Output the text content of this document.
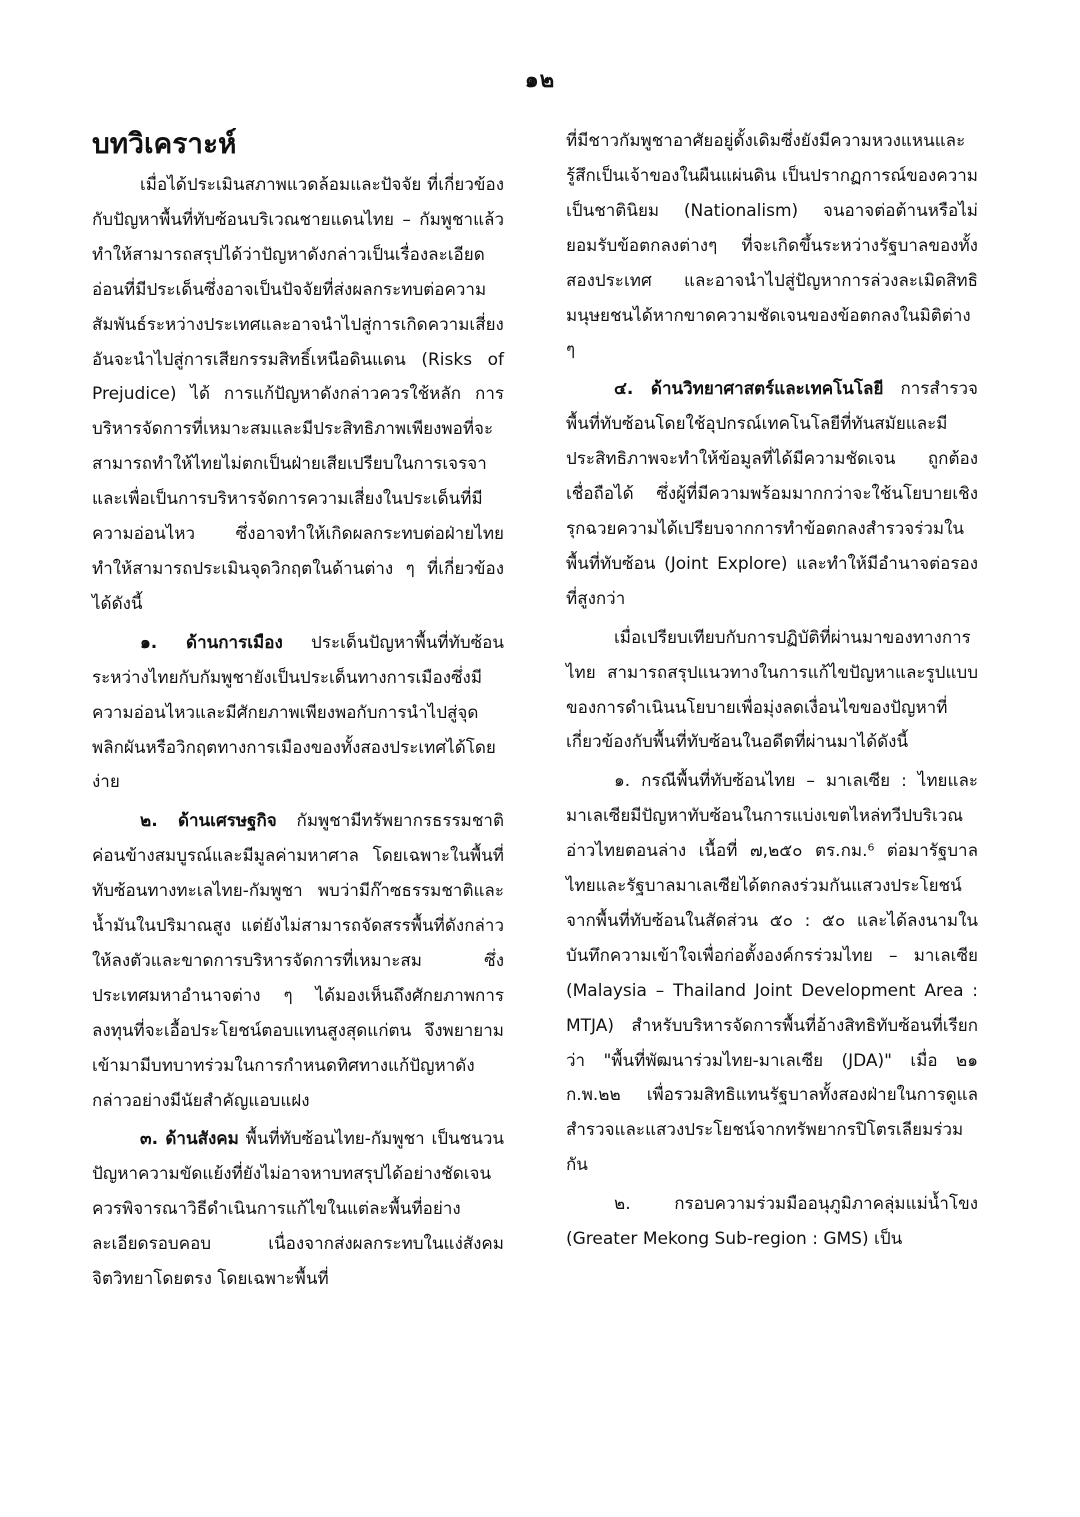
๑๒
บทวิเคราะห์

เมื่อได้ประเมินสภาพแวดล้อมและปัจจัย ที่เกี่ยวข้องกับปัญหาพื้นที่ทับซ้อนบริเวณชายแดนไทย – กัมพูชาแล้ว ทำให้สามารถสรุปได้ว่าปัญหาดังกล่าวเป็นเรื่องละเอียดอ่อนที่มีประเด็นซึ่งอาจเป็นปัจจัยที่ส่งผลกระทบต่อความสัมพันธ์ระหว่างประเทศและอาจนำไปสู่การเกิดความเสี่ยงอันจะนำไปสู่การเสียกรรมสิทธิ์เหนือดินแดน (Risks of Prejudice) ได้ การแก้ปัญหาดังกล่าวควรใช้หลัก การบริหารจัดการที่เหมาะสมและมีประสิทธิภาพเพียงพอที่จะสามารถทำให้ไทยไม่ตกเป็นฝ่ายเสียเปรียบในการเจรจา และเพื่อเป็นการบริหารจัดการความเสี่ยงในประเด็นที่มีความอ่อนไหว ซึ่งอาจทำให้เกิดผลกระทบต่อฝ่ายไทย ทำให้สามารถประเมินจุดวิกฤตในด้านต่าง ๆ ที่เกี่ยวข้องได้ดังนี้

๑. ด้านการเมือง ประเด็นปัญหาพื้นที่ทับซ้อนระหว่างไทยกับกัมพูชายังเป็นประเด็นทางการเมืองซึ่งมีความอ่อนไหวและมีศักยภาพเพียงพอกับการนำไปสู่จุดพลิกผันหรือวิกฤตทางการเมืองของทั้งสองประเทศได้โดยง่าย

๒. ด้านเศรษฐกิจ กัมพูชามีทรัพยากรธรรมชาติค่อนข้างสมบูรณ์และมีมูลค่ามหาศาล โดยเฉพาะในพื้นที่ทับซ้อนทางทะเลไทย-กัมพูชา พบว่ามีก๊าซธรรมชาติและน้ำมันในปริมาณสูง แต่ยังไม่สามารถจัดสรรพื้นที่ดังกล่าวให้ลงตัวและขาดการบริหารจัดการที่เหมาะสม ซึ่งประเทศมหาอำนาจต่าง ๆ ได้มองเห็นถึงศักยภาพการลงทุนที่จะเอื้อประโยชน์ตอบแทนสูงสุดแก่ตน จึงพยายามเข้ามามีบทบาทร่วมในการกำหนดทิศทางแก้ปัญหาดังกล่าวอย่างมีนัยสำคัญแอบแฝง

๓. ด้านสังคม พื้นที่ทับซ้อนไทย-กัมพูชา เป็นชนวนปัญหาความขัดแย้งที่ยังไม่อาจหาบทสรุปได้อย่างชัดเจน ควรพิจารณาวิธีดำเนินการแก้ไขในแต่ละพื้นที่อย่างละเอียดรอบคอบ เนื่องจากส่งผลกระทบในแง่สังคมจิตวิทยาโดยตรง โดยเฉพาะพื้นที่

ที่มีชาวกัมพูชาอาศัยอยู่ดั้งเดิมซึ่งยังมีความหวงแหนและรู้สึกเป็นเจ้าของในผืนแผ่นดิน เป็นปรากฏการณ์ของความเป็นชาตินิยม (Nationalism) จนอาจต่อต้านหรือไม่ยอมรับข้อตกลงต่างๆ ที่จะเกิดขึ้นระหว่างรัฐบาลของทั้งสองประเทศ และอาจนำไปสู่ปัญหาการล่วงละเมิดสิทธิมนุษยชนได้หากขาดความชัดเจนของข้อตกลงในมิติต่าง ๆ

๔. ด้านวิทยาศาสตร์และเทคโนโลยี การสำรวจพื้นที่ทับซ้อนโดยใช้อุปกรณ์เทคโนโลยีที่ทันสมัยและมีประสิทธิภาพจะทำให้ข้อมูลที่ได้มีความชัดเจน ถูกต้อง เชื่อถือได้ ซึ่งผู้ที่มีความพร้อมมากกว่าจะใช้นโยบายเชิงรุกฉวยความได้เปรียบจากการทำข้อตกลงสำรวจร่วมในพื้นที่ทับซ้อน (Joint Explore) และทำให้มีอำนาจต่อรองที่สูงกว่า

เมื่อเปรียบเทียบกับการปฏิบัติที่ผ่านมาของทางการไทย สามารถสรุปแนวทางในการแก้ไขปัญหาและรูปแบบของการดำเนินนโยบายเพื่อมุ่งลดเงื่อนไขของปัญหาที่เกี่ยวข้องกับพื้นที่ทับซ้อนในอดีตที่ผ่านมาได้ดังนี้

๑. กรณีพื้นที่ทับซ้อนไทย – มาเลเซีย : ไทยและมาเลเซียมีปัญหาทับซ้อนในการแบ่งเขตไหล่ทวีปบริเวณอ่าวไทยตอนล่าง เนื้อที่ ๗,๒๕๐ ตร.กม.⁶ ต่อมารัฐบาลไทยและรัฐบาลมาเลเซียได้ตกลงร่วมกันแสวงประโยชน์จากพื้นที่ทับซ้อนในสัดส่วน ๕๐ : ๕๐ และได้ลงนามในบันทึกความเข้าใจเพื่อก่อตั้งองค์กรร่วมไทย – มาเลเซีย (Malaysia – Thailand Joint Development Area : MTJA) สำหรับบริหารจัดการพื้นที่อ้างสิทธิทับซ้อนที่เรียกว่า "พื้นที่พัฒนาร่วมไทย-มาเลเซีย (JDA)" เมื่อ ๒๑ ก.พ.๒๒ เพื่อรวมสิทธิแทนรัฐบาลทั้งสองฝ่ายในการดูแลสำรวจและแสวงประโยชน์จากทรัพยากรปิโตรเลียมร่วมกัน

๒. กรอบความร่วมมืออนุภูมิภาคลุ่มแม่น้ำโขง (Greater Mekong Sub-region : GMS) เป็น
